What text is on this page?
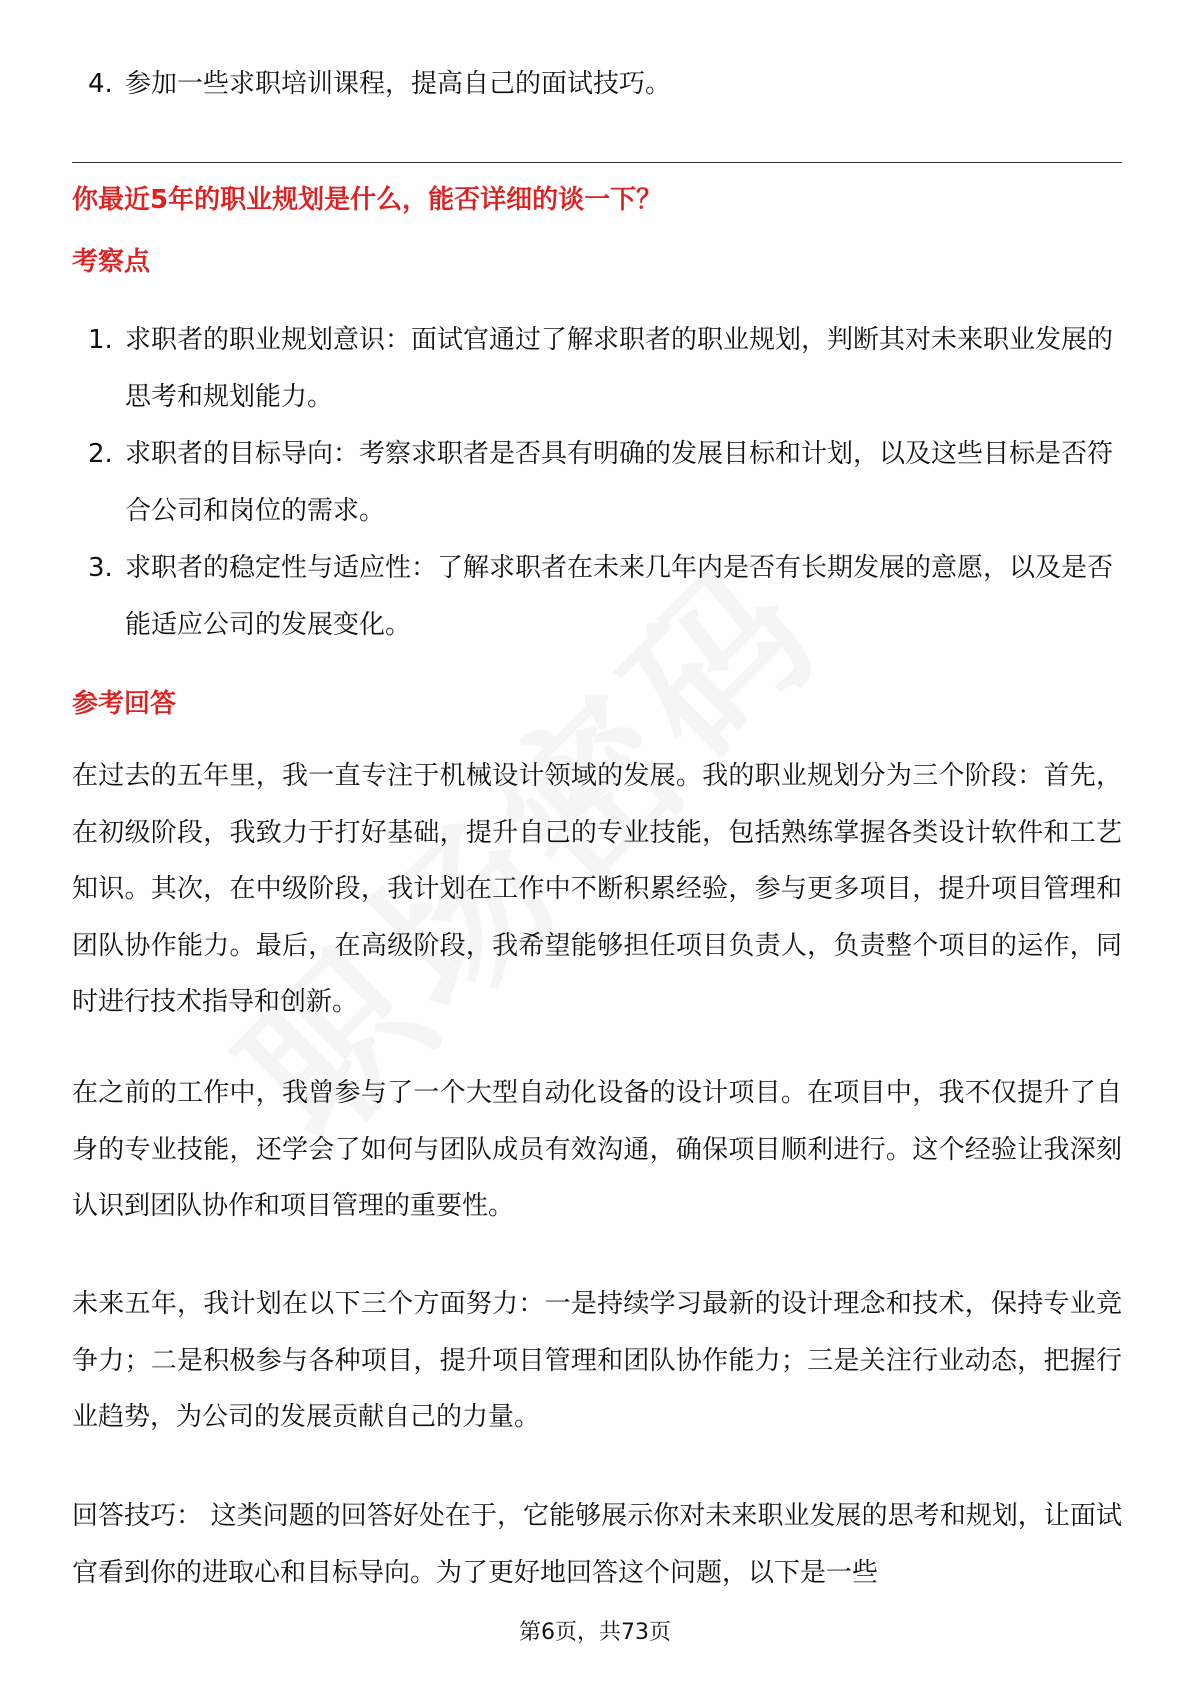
4. 参加一些求职培训课程，提高自己的面试技巧。
你最近5年的职业规划是什么，能否详细的谈一下？
考察点
1. 求职者的职业规划意识：面试官通过了解求职者的职业规划，判断其对未来职业发展的思考和规划能力。
2. 求职者的目标导向：考察求职者是否具有明确的发展目标和计划，以及这些目标是否符合公司和岗位的需求。
3. 求职者的稳定性与适应性：了解求职者在未来几年内是否有长期发展的意愿，以及是否能适应公司的发展变化。
参考回答

在过去的五年里，我一直专注于机械设计领域的发展。我的职业规划分为三个阶段：首先，在初级阶段，我致力于打好基础，提升自己的专业技能，包括熟练掌握各类设计软件和工艺知识。其次，在中级阶段，我计划在工作中不断积累经验，参与更多项目，提升项目管理和团队协作能力。最后，在高级阶段，我希望能够担任项目负责人，负责整个项目的运作，同时进行技术指导和创新。

在之前的工作中，我曾参与了一个大型自动化设备的设计项目。在项目中，我不仅提升了自身的专业技能，还学会了如何与团队成员有效沟通，确保项目顺利进行。这个经验让我深刻认识到团队协作和项目管理的重要性。

未来五年，我计划在以下三个方面努力：一是持续学习最新的设计理念和技术，保持专业竞争力；二是积极参与各种项目，提升项目管理和团队协作能力；三是关注行业动态，把握行业趋势，为公司的发展贡献自己的力量。

回答技巧： 这类问题的回答好处在于，它能够展示你对未来职业发展的思考和规划，让面试官看到你的进取心和目标导向。为了更好地回答这个问题，以下是一些

第6页，共73页
